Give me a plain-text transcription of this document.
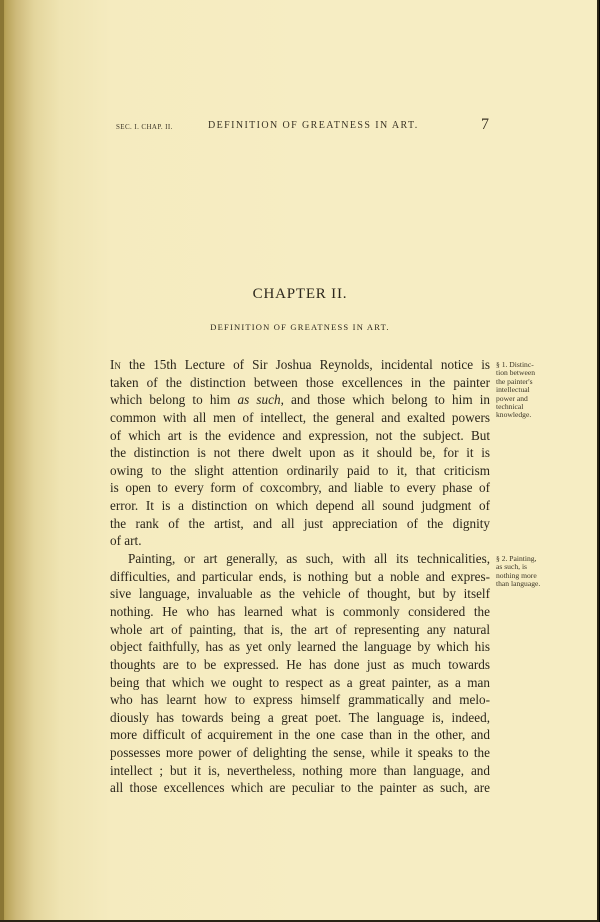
SEC. I. CHAP. II.	DEFINITION OF GREATNESS IN ART.	7
CHAPTER II.
DEFINITION OF GREATNESS IN ART.
In the 15th Lecture of Sir Joshua Reynolds, incidental notice is
taken of the distinction between those excellences in the painter
which belong to him as such, and those which belong to him in
common with all men of intellect, the general and exalted powers
of which art is the evidence and expression, not the subject. But
the distinction is not there dwelt upon as it should be, for it is
owing to the slight attention ordinarily paid to it, that criticism
is open to every form of coxcombry, and liable to every phase of
error. It is a distinction on which depend all sound judgment of
the rank of the artist, and all just appreciation of the dignity
of art.
Painting, or art generally, as such, with all its technicalities,
difficulties, and particular ends, is nothing but a noble and expres-
sive language, invaluable as the vehicle of thought, but by itself
nothing. He who has learned what is commonly considered the
whole art of painting, that is, the art of representing any natural
object faithfully, has as yet only learned the language by which his
thoughts are to be expressed. He has done just as much towards
being that which we ought to respect as a great painter, as a man
who has learnt how to express himself grammatically and melo-
diously has towards being a great poet. The language is, indeed,
more difficult of acquirement in the one case than in the other, and
possesses more power of delighting the sense, while it speaks to the
intellect ; but it is, nevertheless, nothing more than language, and
all those excellences which are peculiar to the painter as such, are
§ 1. Distinc-
tion between
the painter's
intellectual
power and
technical
knowledge.
§ 2. Painting,
as such, is
nothing more
than language.
